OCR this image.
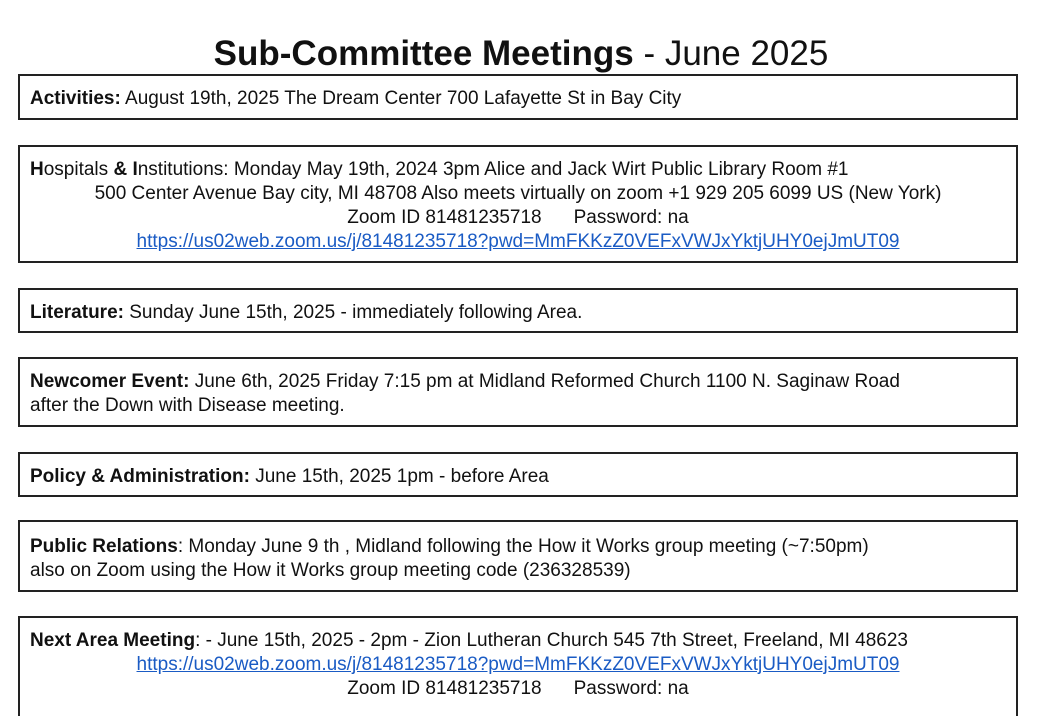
Sub-Committee Meetings - June 2025
Activities: August 19th, 2025 The Dream Center 700 Lafayette St in Bay City
Hospitals & Institutions: Monday May 19th, 2024 3pm Alice and Jack Wirt Public Library Room #1
500 Center Avenue Bay city, MI 48708 Also meets virtually on zoom +1 929 205 6099 US (New York)
Zoom ID 81481235718 Password: na
https://us02web.zoom.us/j/81481235718?pwd=MmFKKzZ0VEFxVWJxYktjUHY0ejJmUT09
Literature: Sunday June 15th, 2025 - immediately following Area.
Newcomer Event: June 6th, 2025 Friday 7:15 pm at Midland Reformed Church 1100 N. Saginaw Road
after the Down with Disease meeting.
Policy & Administration: June 15th, 2025 1pm - before Area
Public Relations: Monday June 9 th , Midland following the How it Works group meeting (~7:50pm)
also on Zoom using the How it Works group meeting code (236328539)
Next Area Meeting: - June 15th, 2025 - 2pm - Zion Lutheran Church 545 7th Street, Freeland, MI 48623
https://us02web.zoom.us/j/81481235718?pwd=MmFKKzZ0VEFxVWJxYktjUHY0ejJmUT09
Zoom ID 81481235718 Password: na
